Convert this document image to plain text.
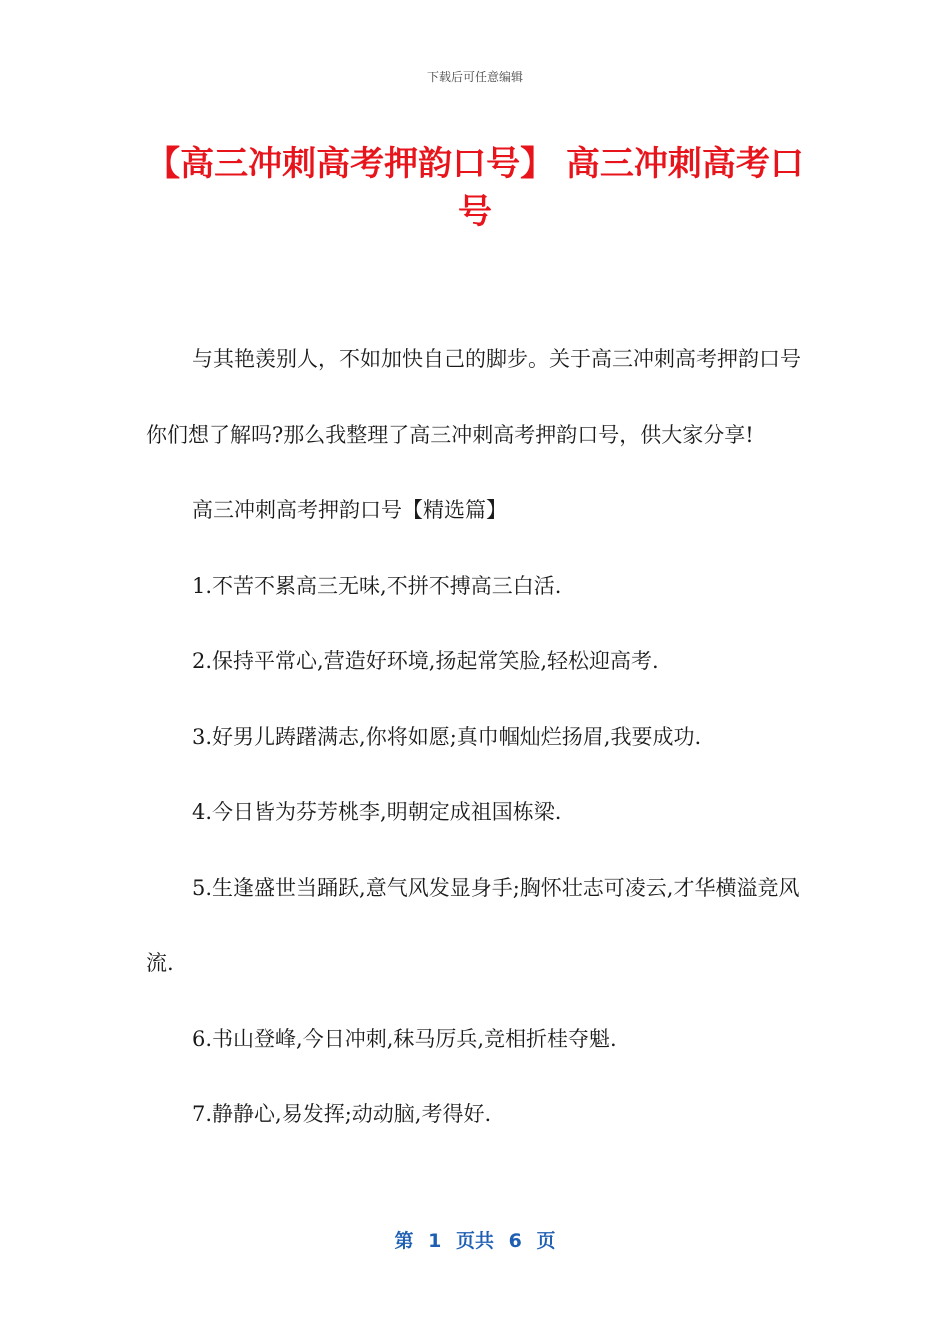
下载后可任意编辑
【高三冲刺高考押韵口号】 高三冲刺高考口号

与其艳羡别人，不如加快自己的脚步。关于高三冲刺高考押韵口号你们想了解吗?那么我整理了高三冲刺高考押韵口号，供大家分享!

高三冲刺高考押韵口号【精选篇】

1.不苦不累高三无味,不拼不搏高三白活.

2.保持平常心,营造好环境,扬起常笑脸,轻松迎高考.

3.好男儿踌躇满志,你将如愿;真巾帼灿烂扬眉,我要成功.

4.今日皆为芬芳桃李,明朝定成祖国栋梁.

5.生逢盛世当踊跃,意气风发显身手;胸怀壮志可凌云,才华横溢竞风流.

6.书山登峰,今日冲刺,秣马厉兵,竞相折桂夺魁.

7.静静心,易发挥;动动脑,考得好.

第 1 页共 6 页
